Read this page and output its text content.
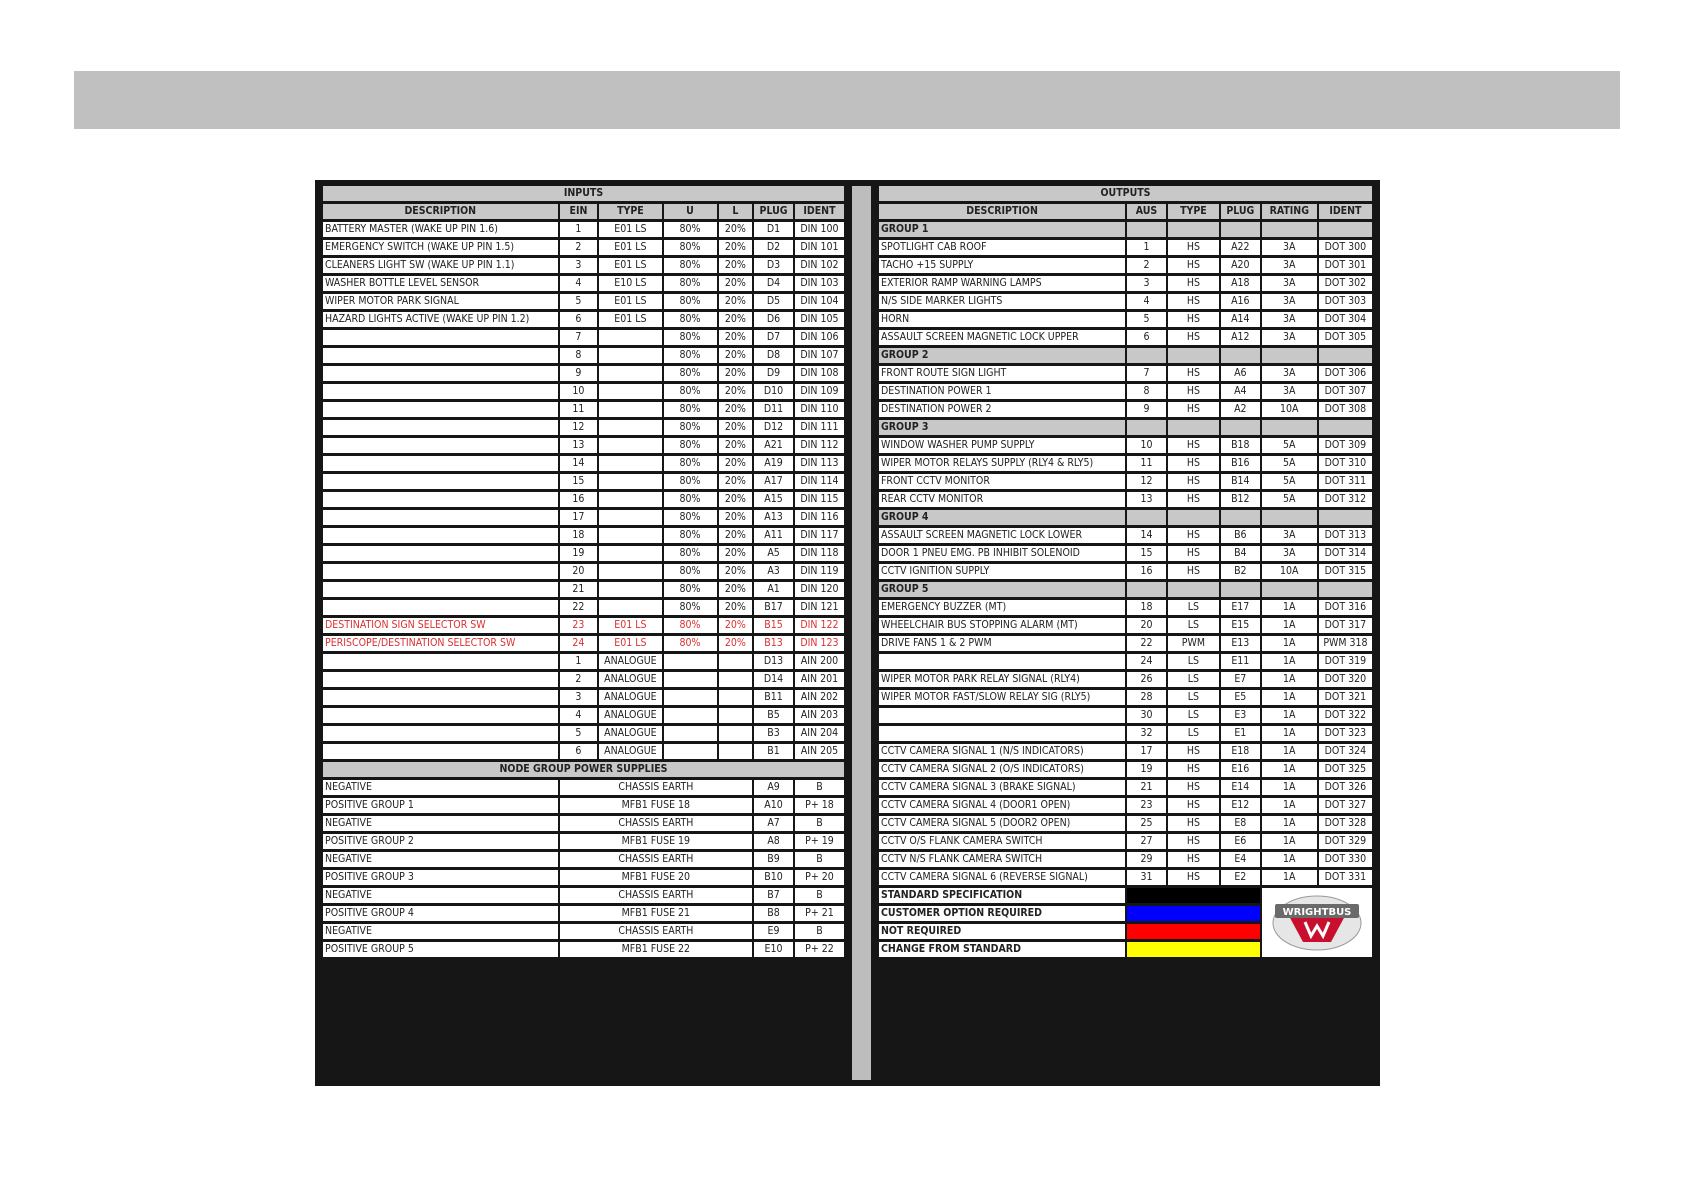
INPUTS						
DESCRIPTION	EIN	TYPE	U	L	PLUG	IDENT
BATTERY MASTER (WAKE UP PIN 1.6)	1	E01 LS	80%	20%	D1	DIN 100
EMERGENCY SWITCH (WAKE UP PIN 1.5)	2	E01 LS	80%	20%	D2	DIN 101
CLEANERS LIGHT SW (WAKE UP PIN 1.1)	3	E01 LS	80%	20%	D3	DIN 102
WASHER BOTTLE LEVEL SENSOR	4	E10 LS	80%	20%	D4	DIN 103
WIPER MOTOR PARK SIGNAL	5	E01 LS	80%	20%	D5	DIN 104
HAZARD LIGHTS ACTIVE (WAKE UP PIN 1.2)	6	E01 LS	80%	20%	D6	DIN 105
	7		80%	20%	D7	DIN 106
	8		80%	20%	D8	DIN 107
	9		80%	20%	D9	DIN 108
	10		80%	20%	D10	DIN 109
	11		80%	20%	D11	DIN 110
	12		80%	20%	D12	DIN 111
	13		80%	20%	A21	DIN 112
	14		80%	20%	A19	DIN 113
	15		80%	20%	A17	DIN 114
	16		80%	20%	A15	DIN 115
	17		80%	20%	A13	DIN 116
	18		80%	20%	A11	DIN 117
	19		80%	20%	A5	DIN 118
	20		80%	20%	A3	DIN 119
	21		80%	20%	A1	DIN 120
	22		80%	20%	B17	DIN 121
DESTINATION SIGN SELECTOR SW	23	E01 LS	80%	20%	B15	DIN 122
PERISCOPE/DESTINATION SELECTOR SW	24	E01 LS	80%	20%	B13	DIN 123
	1	ANALOGUE			D13	AIN 200
	2	ANALOGUE			D14	AIN 201
	3	ANALOGUE			B11	AIN 202
	4	ANALOGUE			B5	AIN 203
	5	ANALOGUE			B3	AIN 204
	6	ANALOGUE			B1	AIN 205
NODE GROUP POWER SUPPLIES						
NEGATIVE	CHASSIS EARTH				A9	B
POSITIVE GROUP 1	MFB1 FUSE 18				A10	P+ 18
NEGATIVE	CHASSIS EARTH				A7	B
POSITIVE GROUP 2	MFB1 FUSE 19				A8	P+ 19
NEGATIVE	CHASSIS EARTH				B9	B
POSITIVE GROUP 3	MFB1 FUSE 20				B10	P+ 20
NEGATIVE	CHASSIS EARTH				B7	B
POSITIVE GROUP 4	MFB1 FUSE 21				B8	P+ 21
NEGATIVE	CHASSIS EARTH				E9	B
POSITIVE GROUP 5	MFB1 FUSE 22				E10	P+ 22
OUTPUTS					
DESCRIPTION	AUS	TYPE	PLUG	RATING	IDENT
GROUP 1					
SPOTLIGHT CAB ROOF	1	HS	A22	3A	DOT 300
TACHO +15 SUPPLY	2	HS	A20	3A	DOT 301
EXTERIOR RAMP WARNING LAMPS	3	HS	A18	3A	DOT 302
N/S SIDE MARKER LIGHTS	4	HS	A16	3A	DOT 303
HORN	5	HS	A14	3A	DOT 304
ASSAULT SCREEN MAGNETIC LOCK UPPER	6	HS	A12	3A	DOT 305
GROUP 2					
FRONT ROUTE SIGN LIGHT	7	HS	A6	3A	DOT 306
DESTINATION POWER 1	8	HS	A4	3A	DOT 307
DESTINATION POWER 2	9	HS	A2	10A	DOT 308
GROUP 3					
WINDOW WASHER PUMP SUPPLY	10	HS	B18	5A	DOT 309
WIPER MOTOR RELAYS SUPPLY (RLY4 & RLY5)	11	HS	B16	5A	DOT 310
FRONT CCTV MONITOR	12	HS	B14	5A	DOT 311
REAR CCTV MONITOR	13	HS	B12	5A	DOT 312
GROUP 4					
ASSAULT SCREEN MAGNETIC LOCK LOWER	14	HS	B6	3A	DOT 313
DOOR 1 PNEU EMG. PB INHIBIT SOLENOID	15	HS	B4	3A	DOT 314
CCTV IGNITION SUPPLY	16	HS	B2	10A	DOT 315
GROUP 5					
EMERGENCY BUZZER (MT)	18	LS	E17	1A	DOT 316
WHEELCHAIR BUS STOPPING ALARM (MT)	20	LS	E15	1A	DOT 317
DRIVE FANS 1 & 2 PWM	22	PWM	E13	1A	PWM 318
	24	LS	E11	1A	DOT 319
WIPER MOTOR PARK RELAY SIGNAL (RLY4)	26	LS	E7	1A	DOT 320
WIPER MOTOR FAST/SLOW RELAY SIG (RLY5)	28	LS	E5	1A	DOT 321
	30	LS	E3	1A	DOT 322
	32	LS	E1	1A	DOT 323
CCTV CAMERA SIGNAL 1 (N/S INDICATORS)	17	HS	E18	1A	DOT 324
CCTV CAMERA SIGNAL 2 (O/S INDICATORS)	19	HS	E16	1A	DOT 325
CCTV CAMERA SIGNAL 3 (BRAKE SIGNAL)	21	HS	E14	1A	DOT 326
CCTV CAMERA SIGNAL 4 (DOOR1 OPEN)	23	HS	E12	1A	DOT 327
CCTV CAMERA SIGNAL 5 (DOOR2 OPEN)	25	HS	E8	1A	DOT 328
CCTV O/S FLANK CAMERA SWITCH	27	HS	E6	1A	DOT 329
CCTV N/S FLANK CAMERA SWITCH	29	HS	E4	1A	DOT 330
CCTV CAMERA SIGNAL 6 (REVERSE SIGNAL)	31	HS	E2	1A	DOT 331
STANDARD SPECIFICATION				WRIGHTBUS	

CUSTOMER OPTION REQUIRED					
NOT REQUIRED					
CHANGE FROM STANDARD					
